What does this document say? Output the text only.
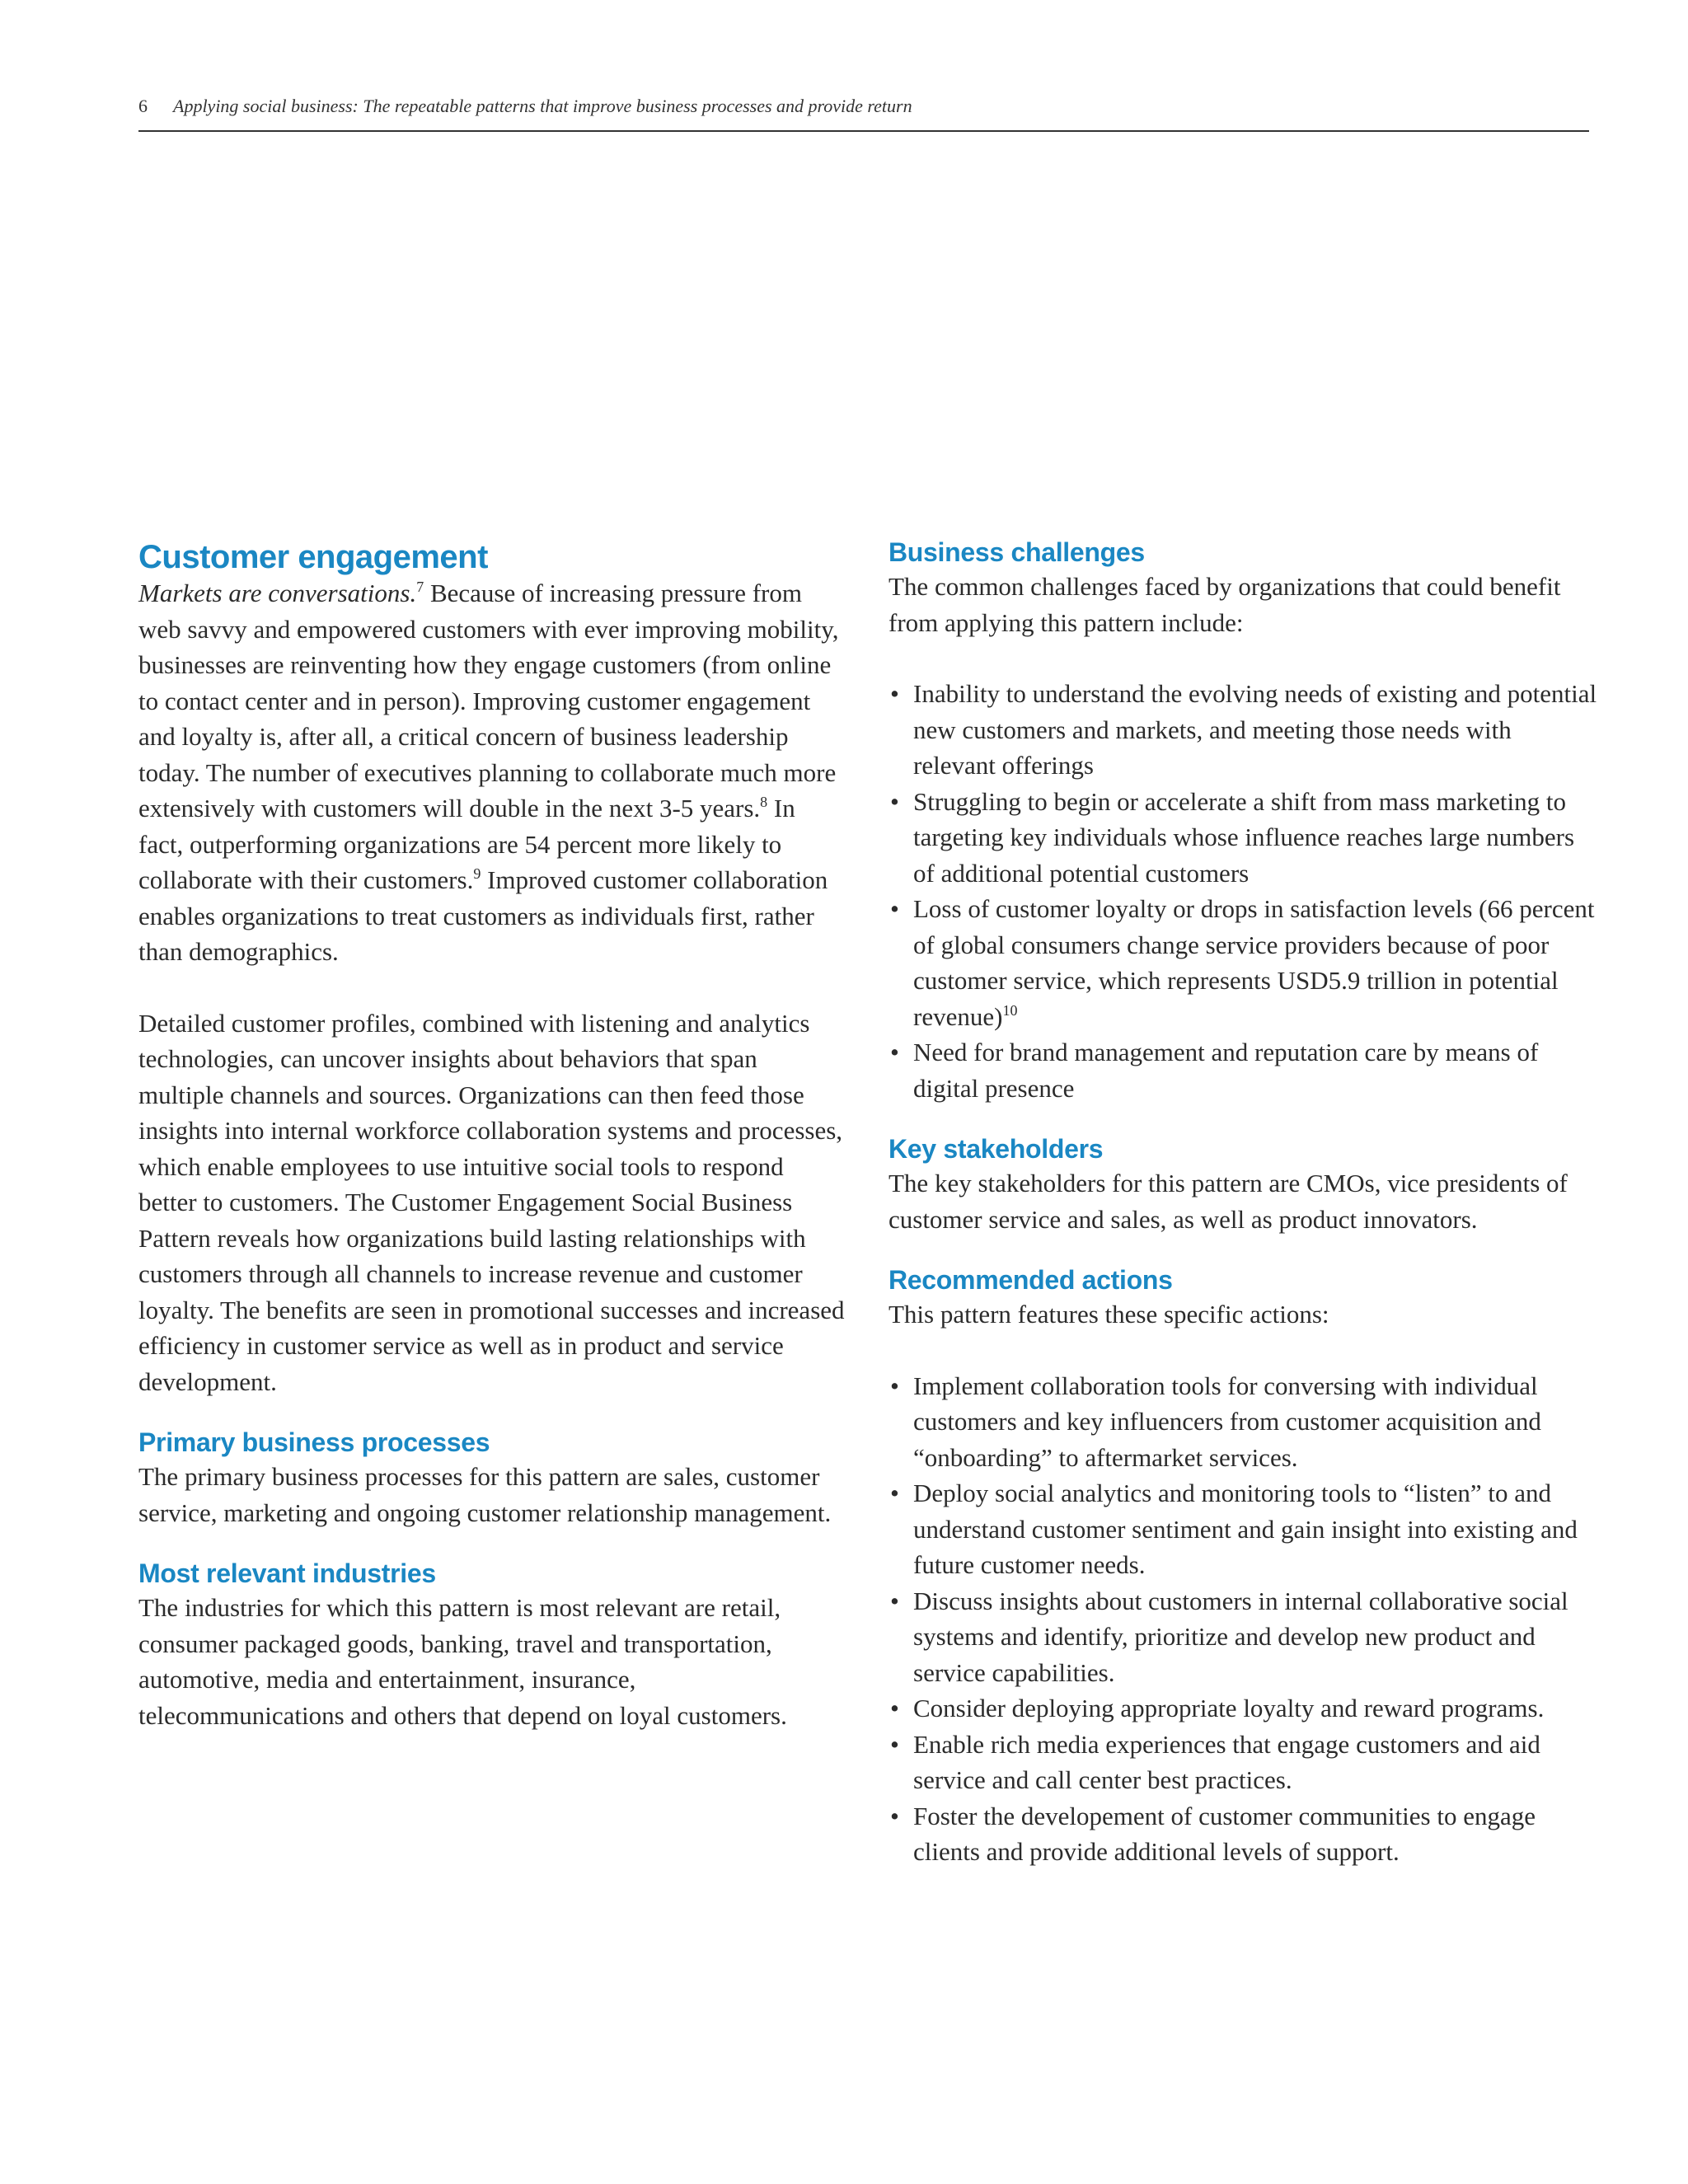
6 Applying social business: The repeatable patterns that improve business processes and provide return
Customer engagement

Markets are conversations.$^7$ Because of increasing pressure from web savvy and empowered customers with ever improving mobility, businesses are reinventing how they engage customers (from online to contact center and in person). Improving customer engagement and loyalty is, after all, a critical concern of business leadership today. The number of executives planning to collaborate much more extensively with customers will double in the next 3-5 years.$^8$ In fact, outperforming organizations are 54 percent more likely to collaborate with their customers.$^9$ Improved customer collaboration enables organizations to treat customers as individuals first, rather than demographics.

Detailed customer profiles, combined with listening and analytics technologies, can uncover insights about behaviors that span multiple channels and sources. Organizations can then feed those insights into internal workforce collaboration systems and processes, which enable employees to use intuitive social tools to respond better to customers. The Customer Engagement Social Business Pattern reveals how organizations build lasting relationships with customers through all channels to increase revenue and customer loyalty. The benefits are seen in promotional successes and increased efficiency in customer service as well as in product and service development.

Primary business processes

The primary business processes for this pattern are sales, customer service, marketing and ongoing customer relationship management.

Most relevant industries

The industries for which this pattern is most relevant are retail, consumer packaged goods, banking, travel and transportation, automotive, media and entertainment, insurance, telecommunications and others that depend on loyal customers.

Business challenges

The common challenges faced by organizations that could benefit from applying this pattern include:

• Inability to understand the evolving needs of existing and potential new customers and markets, and meeting those needs with relevant offerings
• Struggling to begin or accelerate a shift from mass marketing to targeting key individuals whose influence reaches large numbers of additional potential customers
• Loss of customer loyalty or drops in satisfaction levels (66 percent of global consumers change service providers because of poor customer service, which represents USD5.9 trillion in potential revenue)$^{10}$
• Need for brand management and reputation care by means of digital presence
Key stakeholders

The key stakeholders for this pattern are CMOs, vice presidents of customer service and sales, as well as product innovators.

Recommended actions

This pattern features these specific actions:

• Implement collaboration tools for conversing with individual customers and key influencers from customer acquisition and “onboarding” to aftermarket services.
• Deploy social analytics and monitoring tools to “listen” to and understand customer sentiment and gain insight into existing and future customer needs.
• Discuss insights about customers in internal collaborative social systems and identify, prioritize and develop new product and service capabilities.
• Consider deploying appropriate loyalty and reward programs.
• Enable rich media experiences that engage customers and aid service and call center best practices.
• Foster the developement of customer communities to engage clients and provide additional levels of support.
